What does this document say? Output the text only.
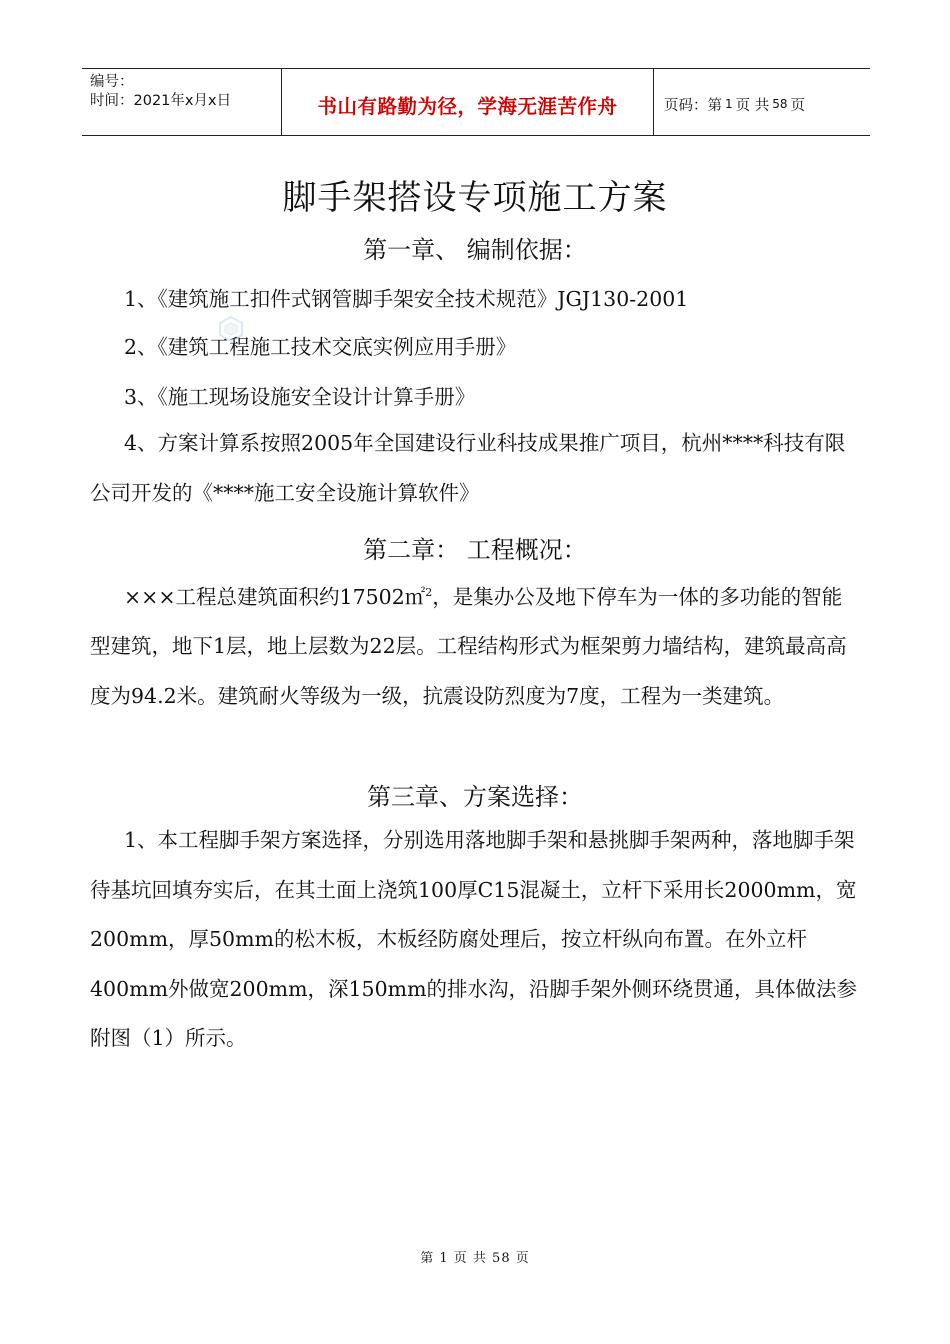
编号：
时间：2021年x月x日	书山有路勤为径，学海无涯苦作舟	页码：第 1 页 共 58 页
脚手架搭设专项施工方案
第一章、 编制依据：
1、《建筑施工扣件式钢管脚手架安全技术规范》JGJ130-2001
2、《建筑工程施工技术交底实例应用手册》
3、《施工现场设施安全设计计算手册》
4、方案计算系按照2005年全国建设行业科技成果推广项目，杭州****科技有限公司开发的《****施工安全设施计算软件》
第二章： 工程概况：
×××工程总建筑面积约17502㎡$^2$，是集办公及地下停车为一体的多功能的智能型建筑，地下1层，地上层数为22层。工程结构形式为框架剪力墙结构，建筑最高高度为94.2米。建筑耐火等级为一级，抗震设防烈度为7度，工程为一类建筑。
第三章、方案选择：
1、本工程脚手架方案选择，分别选用落地脚手架和悬挑脚手架两种，落地脚手架待基坑回填夯实后，在其土面上浇筑100厚C15混凝土，立杆下采用长2000mm，宽200mm，厚50mm的松木板，木板经防腐处理后，按立杆纵向布置。在外立杆400mm外做宽200mm，深150mm的排水沟，沿脚手架外侧环绕贯通，具体做法参附图（1）所示。
第 1 页 共 58 页
